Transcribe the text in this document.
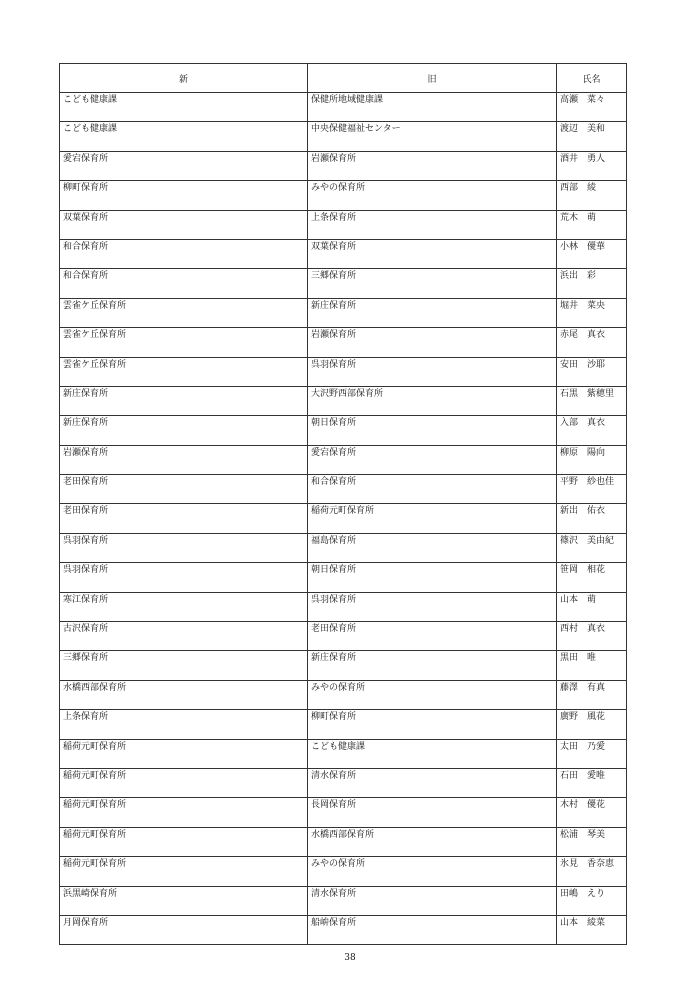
新	旧	氏名
こども健康課	保健所地域健康課	高瀬　菜々
こども健康課	中央保健福祉センター	渡辺　美和
愛宕保育所	岩瀬保育所	酒井　勇人
柳町保育所	みやの保育所	西部　綾
双葉保育所	上条保育所	荒木　萌
和合保育所	双葉保育所	小林　優華
和合保育所	三郷保育所	浜出　彩
雲雀ケ丘保育所	新庄保育所	堀井　菜央
雲雀ケ丘保育所	岩瀬保育所	赤尾　真衣
雲雀ケ丘保育所	呉羽保育所	安田　沙耶
新庄保育所	大沢野西部保育所	石黒　紫穂里
新庄保育所	朝日保育所	入部　真衣
岩瀬保育所	愛宕保育所	柳原　陽向
老田保育所	和合保育所	平野　紗也佳
老田保育所	稲荷元町保育所	新出　佑衣
呉羽保育所	福島保育所	篠沢　美由紀
呉羽保育所	朝日保育所	笹岡　相花
寒江保育所	呉羽保育所	山本　萌
古沢保育所	老田保育所	西村　真衣
三郷保育所	新庄保育所	黒田　唯
水橋西部保育所	みやの保育所	藤澤　有真
上条保育所	柳町保育所	廣野　風花
稲荷元町保育所	こども健康課	太田　乃愛
稲荷元町保育所	清水保育所	石田　愛唯
稲荷元町保育所	長岡保育所	木村　優花
稲荷元町保育所	水橋西部保育所	松浦　琴美
稲荷元町保育所	みやの保育所	氷見　香奈恵
浜黒崎保育所	清水保育所	田嶋　えり
月岡保育所	船峅保育所	山本　綾菜
38
